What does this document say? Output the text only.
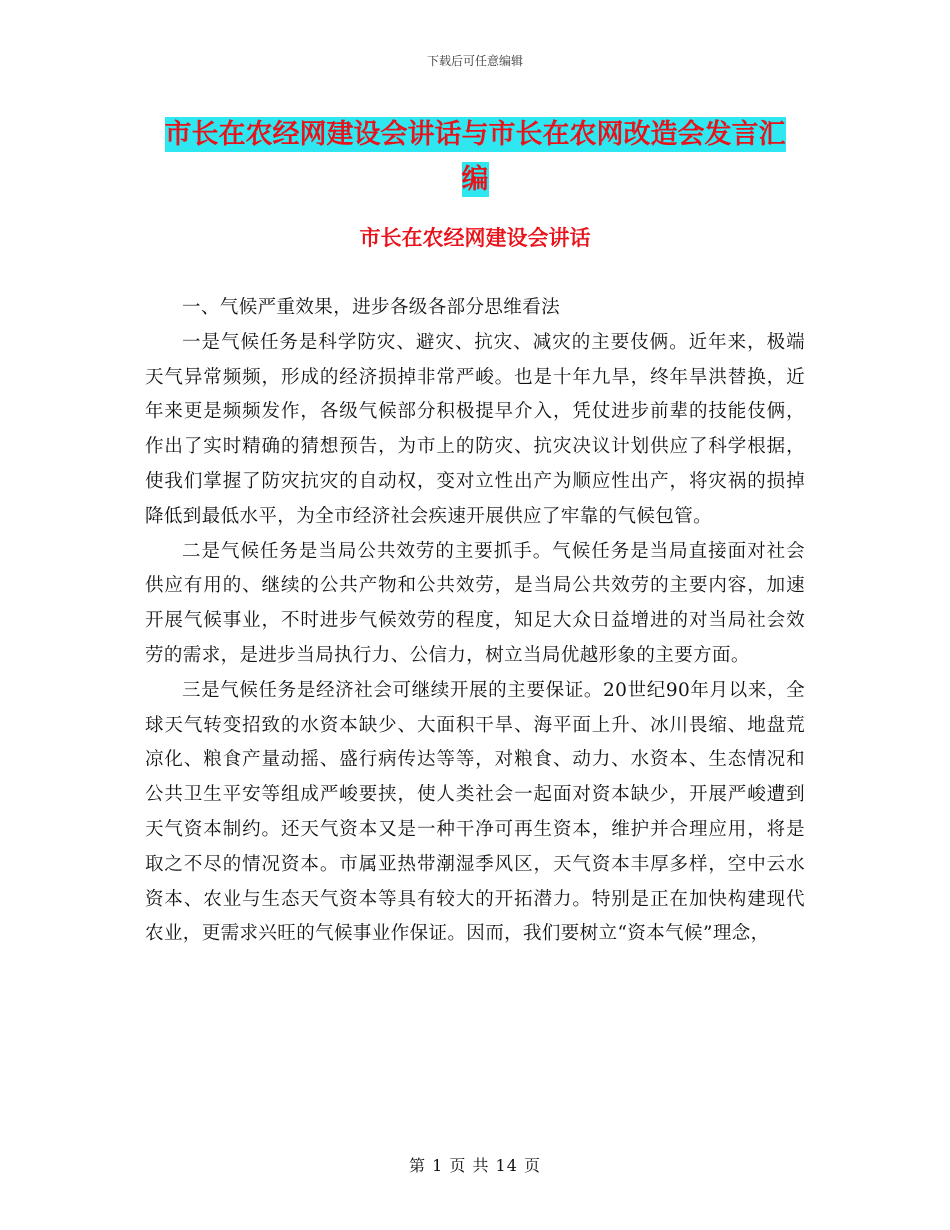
下载后可任意编辑
市长在农经网建设会讲话与市长在农网改造会发言汇
编
市长在农经网建设会讲话

一、气候严重效果，进步各级各部分思维看法

一是气候任务是科学防灾、避灾、抗灾、减灾的主要伎俩。近年来，极端天气异常频频，形成的经济损掉非常严峻。也是十年九旱，终年旱洪替换，近年来更是频频发作，各级气候部分积极提早介入，凭仗进步前辈的技能伎俩，作出了实时精确的猜想预告，为市上的防灾、抗灾决议计划供应了科学根据，使我们掌握了防灾抗灾的自动权，变对立性出产为顺应性出产，将灾祸的损掉降低到最低水平，为全市经济社会疾速开展供应了牢靠的气候包管。

二是气候任务是当局公共效劳的主要抓手。气候任务是当局直接面对社会供应有用的、继续的公共产物和公共效劳，是当局公共效劳的主要内容，加速开展气候事业，不时进步气候效劳的程度，知足大众日益增进的对当局社会效劳的需求，是进步当局执行力、公信力，树立当局优越形象的主要方面。

三是气候任务是经济社会可继续开展的主要保证。20世纪90年月以来，全球天气转变招致的水资本缺少、大面积干旱、海平面上升、冰川畏缩、地盘荒凉化、粮食产量动摇、盛行病传达等等，对粮食、动力、水资本、生态情况和公共卫生平安等组成严峻要挟，使人类社会一起面对资本缺少，开展严峻遭到天气资本制约。还天气资本又是一种干净可再生资本，维护并合理应用，将是取之不尽的情况资本。市属亚热带潮湿季风区，天气资本丰厚多样，空中云水资本、农业与生态天气资本等具有较大的开拓潜力。特别是正在加快构建现代农业，更需求兴旺的气候事业作保证。因而，我们要树立“资本气候”理念，

第 1 页 共 14 页
